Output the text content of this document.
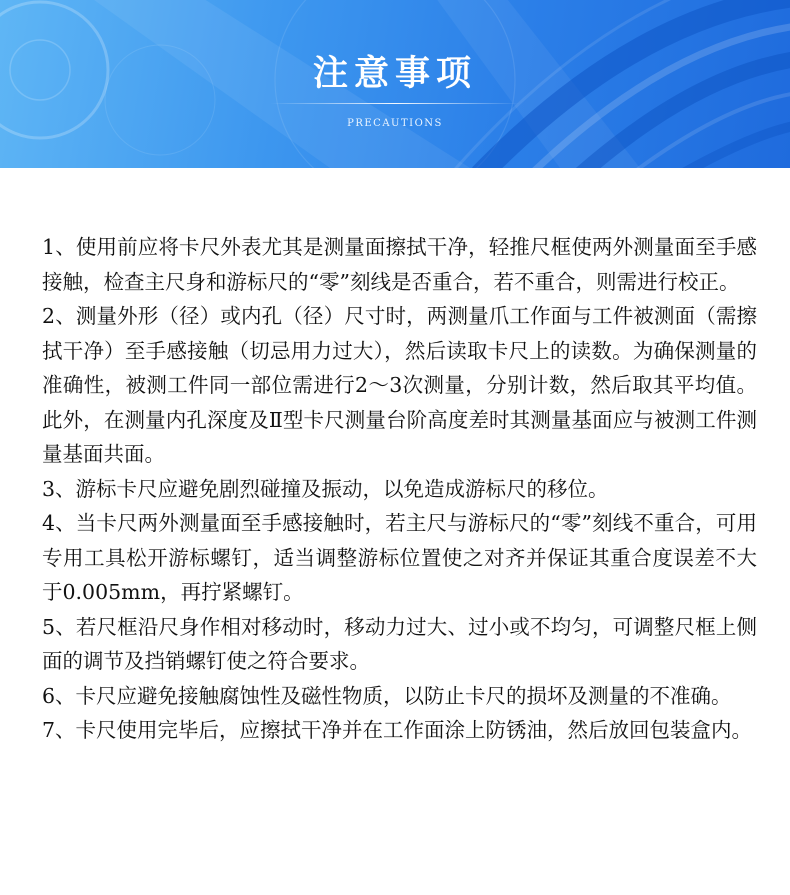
注意事项
PRECAUTIONS

1、使用前应将卡尺外表尤其是测量面擦拭干净，轻推尺框使两外测量面至手感接触，检查主尺身和游标尺的“零”刻线是否重合，若不重合，则需进行校正。

2、测量外形（径）或内孔（径）尺寸时，两测量爪工作面与工件被测面（需擦拭干净）至手感接触（切忌用力过大），然后读取卡尺上的读数。为确保测量的准确性，被测工件同一部位需进行2～3次测量，分别计数，然后取其平均值。此外，在测量内孔深度及Ⅱ型卡尺测量台阶高度差时其测量基面应与被测工件测量基面共面。

3、游标卡尺应避免剧烈碰撞及振动，以免造成游标尺的移位。

4、当卡尺两外测量面至手感接触时，若主尺与游标尺的“零”刻线不重合，可用专用工具松开游标螺钉，适当调整游标位置使之对齐并保证其重合度误差不大于0.005mm，再拧紧螺钉。

5、若尺框沿尺身作相对移动时，移动力过大、过小或不均匀，可调整尺框上侧面的调节及挡销螺钉使之符合要求。

6、卡尺应避免接触腐蚀性及磁性物质，以防止卡尺的损坏及测量的不准确。

7、卡尺使用完毕后，应擦拭干净并在工作面涂上防锈油，然后放回包装盒内。
